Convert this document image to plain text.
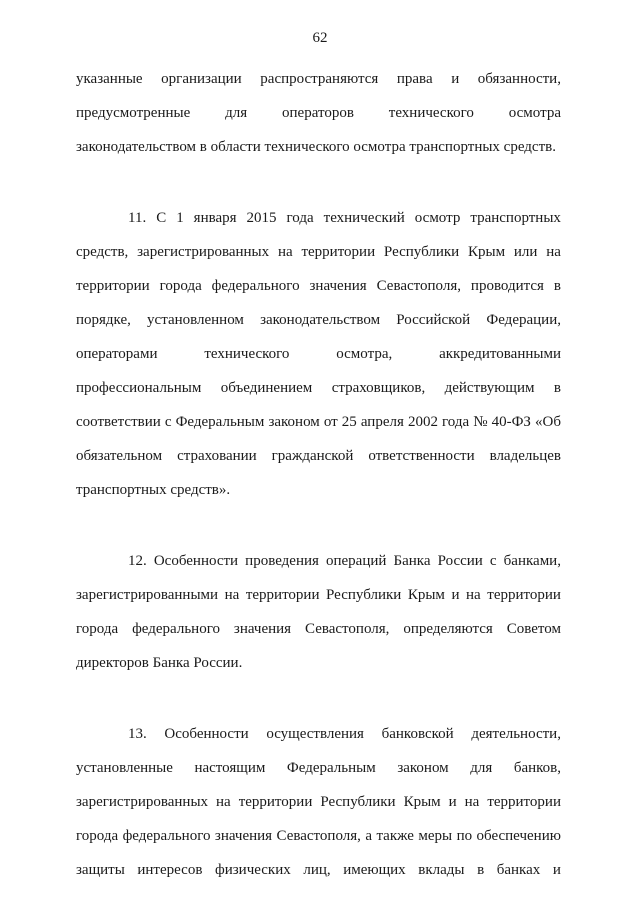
62
указанные организации распространяются права и обязанности,
предусмотренные для операторов технического осмотра
законодательством в области технического осмотра транспортных средств.
11. С 1 января 2015 года технический осмотр транспортных
средств, зарегистрированных на территории Республики Крым или на
территории города федерального значения Севастополя, проводится в
порядке, установленном законодательством Российской Федерации,
операторами	технического	осмотра,	аккредитованными
профессиональным объединением страховщиков, действующим в
соответствии с Федеральным законом от 25 апреля 2002 года № 40-ФЗ «Об
обязательном страховании гражданской ответственности владельцев
транспортных средств».
12. Особенности проведения операций Банка России с банками,
зарегистрированными на территории Республики Крым и на территории
города федерального значения Севастополя, определяются Советом
директоров Банка России.
13. Особенности осуществления банковской деятельности,
установленные настоящим Федеральным законом для банков,
зарегистрированных на территории Республики Крым и на территории
города федерального значения Севастополя, а также меры по обеспечению
защиты интересов физических лиц, имеющих вклады в банках и
